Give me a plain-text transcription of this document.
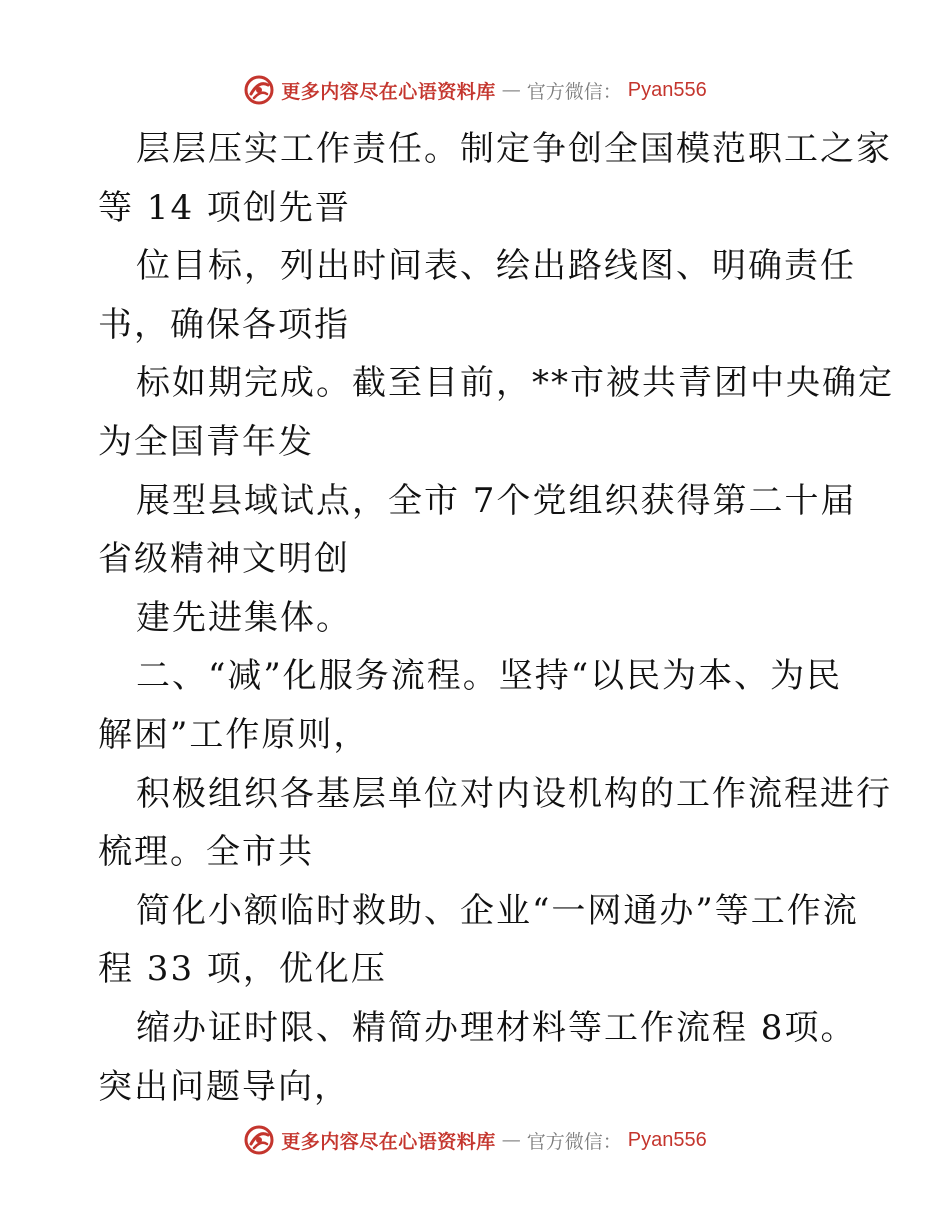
更多内容尽在心语资料库 — 官方微信： Pyan556
层层压实工作责任。制定争创全国模范职工之家
等 14 项创先晋
位目标，列出时间表、绘出路线图、明确责任
书，确保各项指
标如期完成。截至目前，**市被共青团中央确定
为全国青年发
展型县域试点，全市 7个党组织获得第二十届
省级精神文明创
建先进集体。
二、“减”化服务流程。坚持“以民为本、为民
解困”工作原则，
积极组织各基层单位对内设机构的工作流程进行
梳理。全市共
简化小额临时救助、企业“一网通办”等工作流
程 33 项，优化压
缩办证时限、精简办理材料等工作流程 8项。
突出问题导向，
更多内容尽在心语资料库 — 官方微信： Pyan556
